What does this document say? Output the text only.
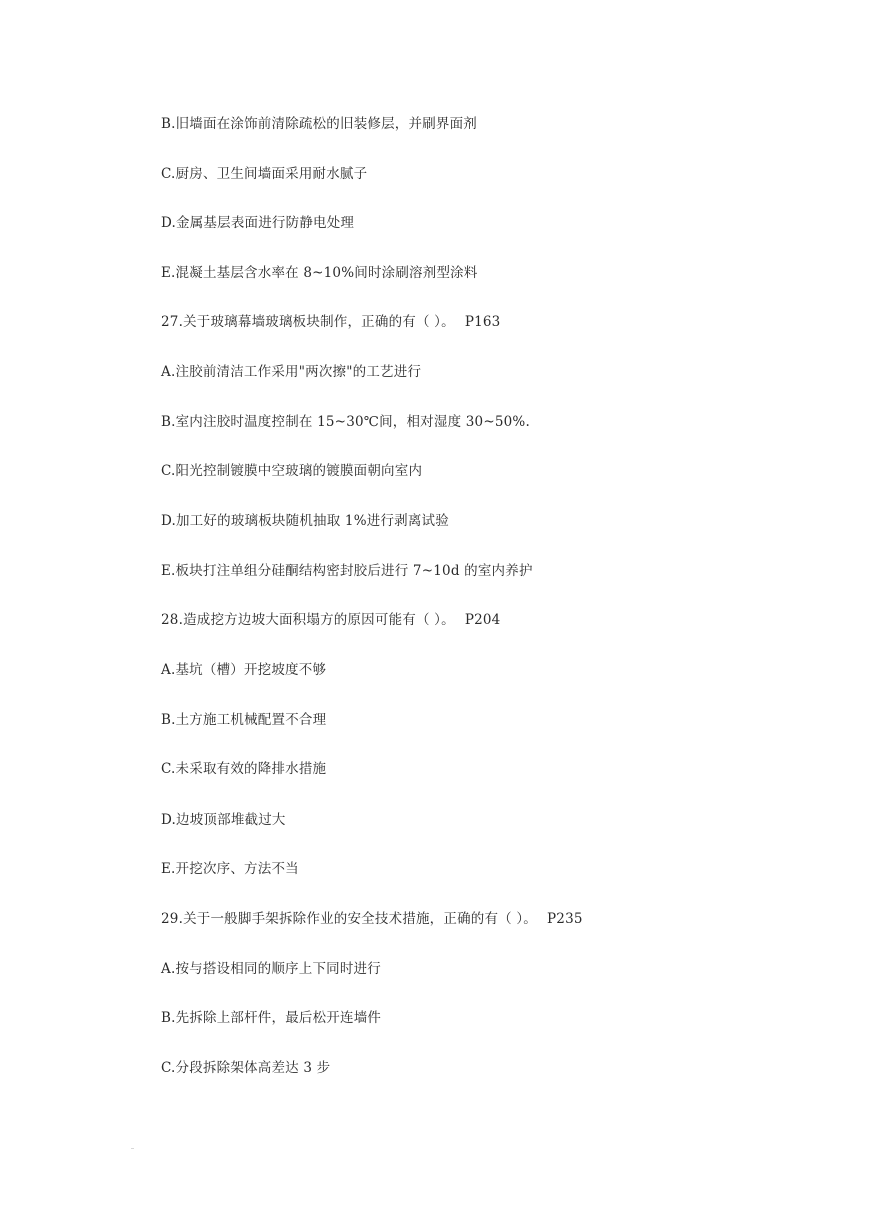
B.旧墙面在涂饰前清除疏松的旧装修层，并刷界面剂
C.厨房、卫生间墙面采用耐水腻子
D.金属基层表面进行防静电处理
E.混凝土基层含水率在 8~10%间时涂刷溶剂型涂料
27.关于玻璃幕墙玻璃板块制作，正确的有（ ）。 P163
A.注胶前清洁工作采用"两次擦"的工艺进行
B.室内注胶时温度控制在 15~30℃间，相对湿度 30~50%.
C.阳光控制镀膜中空玻璃的镀膜面朝向室内
D.加工好的玻璃板块随机抽取 1%进行剥离试验
E.板块打注单组分硅酮结构密封胶后进行 7~10d 的室内养护
28.造成挖方边坡大面积塌方的原因可能有（ ）。 P204
A.基坑（槽）开挖坡度不够
B.土方施工机械配置不合理
C.未采取有效的降排水措施
D.边坡顶部堆截过大
E.开挖次序、方法不当
29.关于一般脚手架拆除作业的安全技术措施，正确的有（ ）。 P235
A.按与搭设相同的顺序上下同时进行
B.先拆除上部杆件，最后松开连墙件
C.分段拆除架体高差达 3 步
